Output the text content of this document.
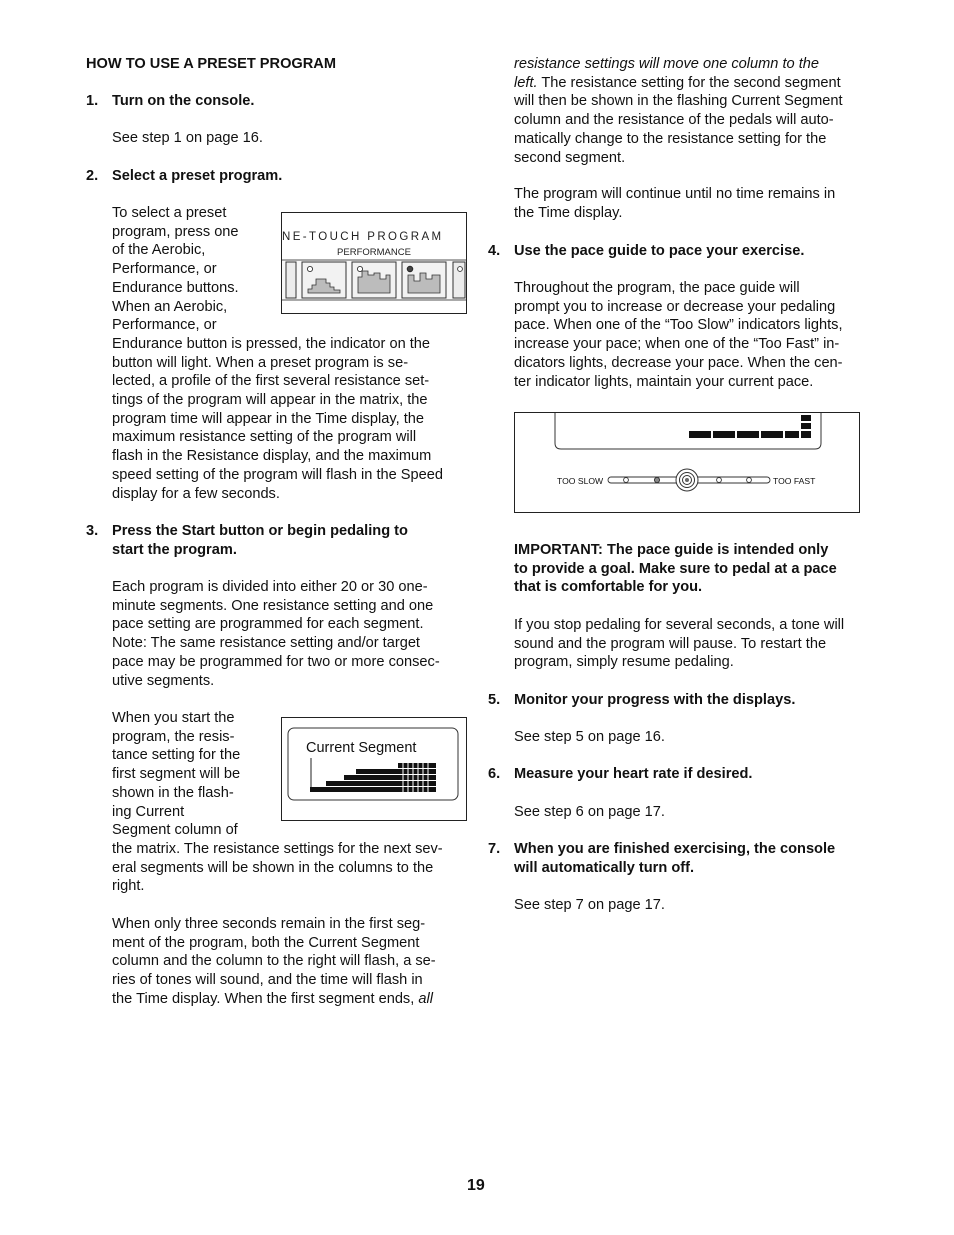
HOW TO USE A PRESET PROGRAM
1. Turn on the console.
See step 1 on page 16.
2. Select a preset program.
To select a preset
program, press one
of the Aerobic,
Performance, or
Endurance buttons.
When an Aerobic,
Performance, or
Endurance button is pressed, the indicator on the
button will light. When a preset program is se-
lected, a profile of the first several resistance set-
tings of the program will appear in the matrix, the
program time will appear in the Time display, the
maximum resistance setting of the program will
flash in the Resistance display, and the maximum
speed setting of the program will flash in the Speed
display for a few seconds.
NE-TOUCH PROGRAM
PERFORMANCE
3. Press the Start button or begin pedaling to
start the program.
Each program is divided into either 20 or 30 one-
minute segments. One resistance setting and one
pace setting are programmed for each segment.
Note: The same resistance setting and/or target
pace may be programmed for two or more consec-
utive segments.
When you start the
program, the resis-
tance setting for the
first segment will be
shown in the flash-
ing Current
Segment column of
the matrix. The resistance settings for the next sev-
eral segments will be shown in the columns to the
right.
Current Segment
When only three seconds remain in the first seg-
ment of the program, both the Current Segment
column and the column to the right will flash, a se-
ries of tones will sound, and the time will flash in
the Time display. When the first segment ends, all
resistance settings will move one column to the
left. The resistance setting for the second segment
will then be shown in the flashing Current Segment
column and the resistance of the pedals will auto-
matically change to the resistance setting for the
second segment.
The program will continue until no time remains in
the Time display.
4. Use the pace guide to pace your exercise.
Throughout the program, the pace guide will
prompt you to increase or decrease your pedaling
pace. When one of the “Too Slow” indicators lights,
increase your pace; when one of the “Too Fast” in-
dicators lights, decrease your pace. When the cen-
ter indicator lights, maintain your current pace.
TOO SLOW	TOO FAST
IMPORTANT: The pace guide is intended only
to provide a goal. Make sure to pedal at a pace
that is comfortable for you.
If you stop pedaling for several seconds, a tone will
sound and the program will pause. To restart the
program, simply resume pedaling.
5. Monitor your progress with the displays.
See step 5 on page 16.
6. Measure your heart rate if desired.
See step 6 on page 17.
7. When you are finished exercising, the console
will automatically turn off.
See step 7 on page 17.
19
